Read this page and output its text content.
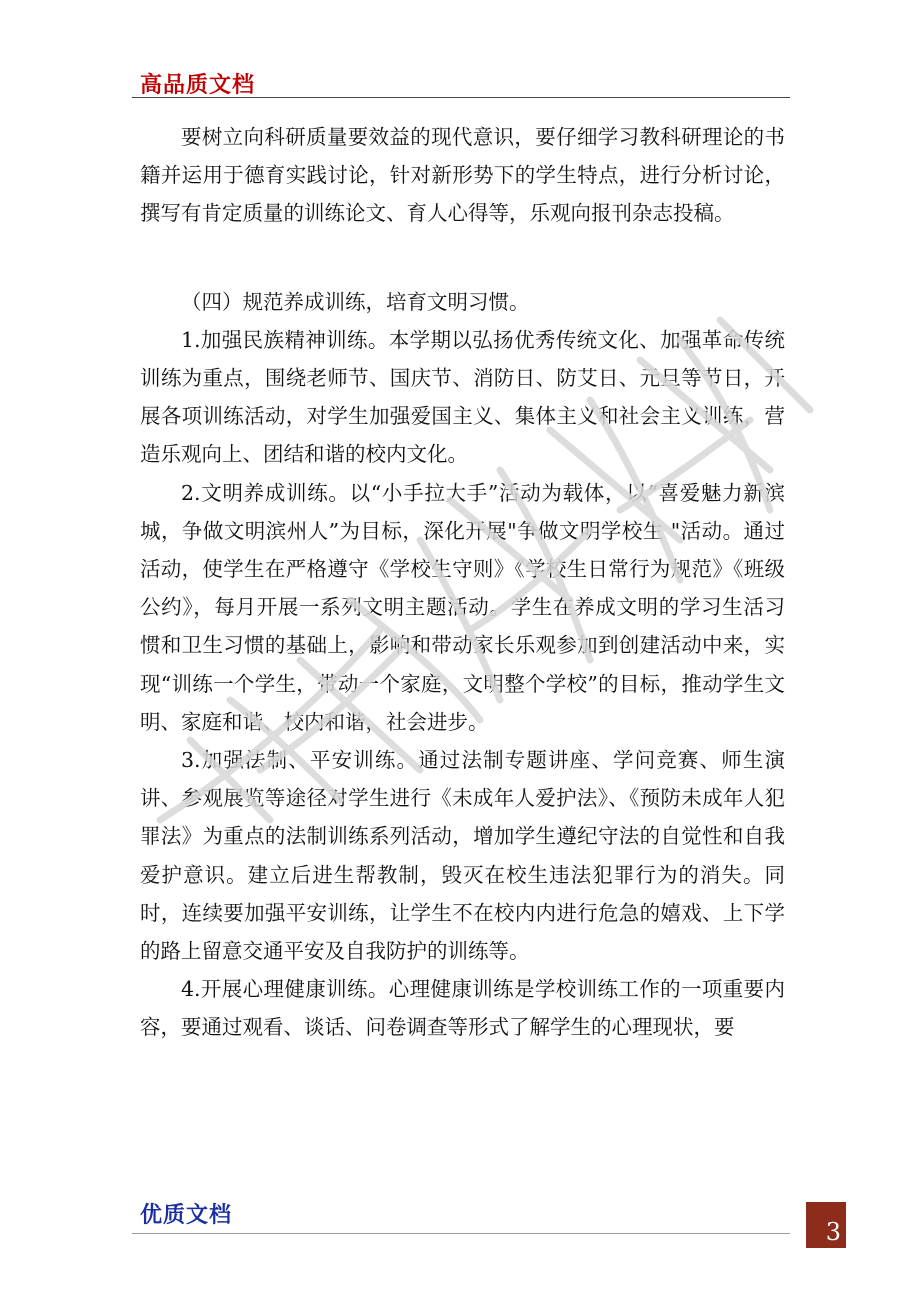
高品质文档

要树立向科研质量要效益的现代意识，要仔细学习教科研理论的书籍并运用于德育实践讨论，针对新形势下的学生特点，进行分析讨论，撰写有肯定质量的训练论文、育人心得等，乐观向报刊杂志投稿。

（四）规范养成训练，培育文明习惯。

1.加强民族精神训练。本学期以弘扬优秀传统文化、加强革命传统训练为重点，围绕老师节、国庆节、消防日、防艾日、元旦等节日，开展各项训练活动，对学生加强爱国主义、集体主义和社会主义训练，营造乐观向上、团结和谐的校内文化。

2.文明养成训练。以“小手拉大手”活动为载体，以“喜爱魅力新滨城，争做文明滨州人”为目标，深化开展"争做文明学校生 "活动。通过活动，使学生在严格遵守《学校生守则》《学校生日常行为规范》《班级公约》，每月开展一系列文明主题活动。学生在养成文明的学习生活习惯和卫生习惯的基础上，影响和带动家长乐观参加到创建活动中来，实现“训练一个学生，带动一个家庭，文明整个学校”的目标，推动学生文明、家庭和谐、校内和谐，社会进步。

3.加强法制、平安训练。通过法制专题讲座、学问竞赛、师生演讲、参观展览等途径对学生进行《未成年人爱护法》、《预防未成年人犯罪法》为重点的法制训练系列活动，增加学生遵纪守法的自觉性和自我爱护意识。建立后进生帮教制，毁灭在校生违法犯罪行为的消失。同时，连续要加强平安训练，让学生不在校内内进行危急的嬉戏、上下学的路上留意交通平安及自我防护的训练等。

4.开展心理健康训练。心理健康训练是学校训练工作的一项重要内容，要通过观看、谈话、问卷调查等形式了解学生的心理现状，要

优质文档
3
